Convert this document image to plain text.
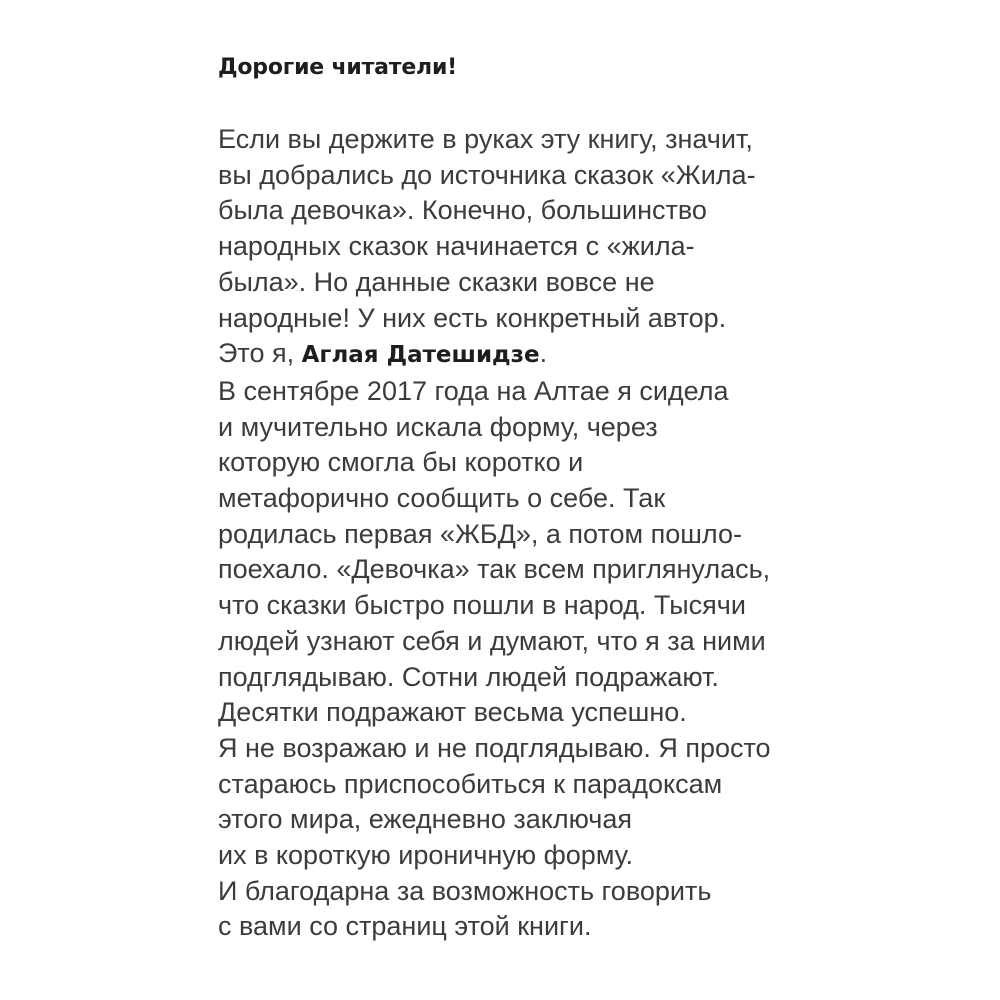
Дорогие читатели!
Если вы держите в руках эту книгу, значит,
вы добрались до источника сказок «Жила-
была девочка». Конечно, большинство
народных сказок начинается с «жила-
была». Но данные сказки вовсе не
народные! У них есть конкретный автор.
Это я, Аглая Датешидзе.
В сентябре 2017 года на Алтае я сидела
и мучительно искала форму, через
которую смогла бы коротко и
метафорично сообщить о себе. Так
родилась первая «ЖБД», а потом пошло-
поехало. «Девочка» так всем приглянулась,
что сказки быстро пошли в народ. Тысячи
людей узнают себя и думают, что я за ними
подглядываю. Сотни людей подражают.
Десятки подражают весьма успешно.
Я не возражаю и не подглядываю. Я просто
стараюсь приспособиться к парадоксам
этого мира, ежедневно заключая
их в короткую ироничную форму.
И благодарна за возможность говорить
с вами со страниц этой книги.
